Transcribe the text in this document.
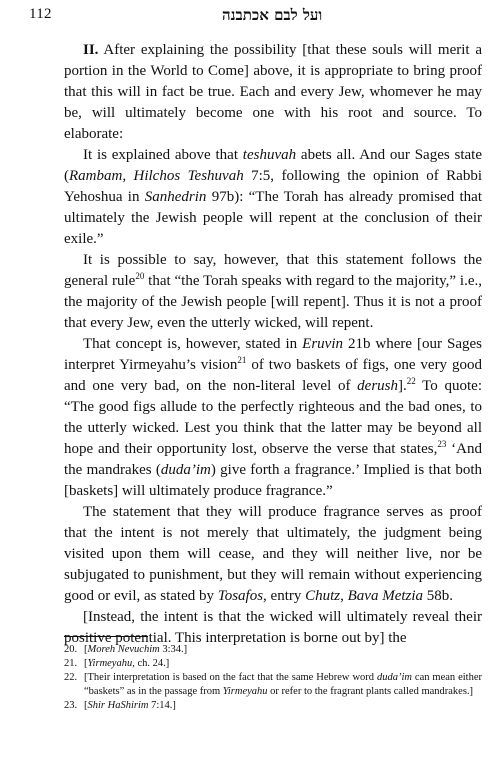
112	ועל לבם אכתבנה

II. After explaining the possibility [that these souls will merit a portion in the World to Come] above, it is appropriate to bring proof that this will in fact be true. Each and every Jew, whomever he may be, will ultimately become one with his root and source. To elaborate:

It is explained above that teshuvah abets all. And our Sages state (Rambam, Hilchos Teshuvah 7:5, following the opinion of Rabbi Yehoshua in Sanhedrin 97b): “The Torah has already promised that ultimately the Jewish people will repent at the conclusion of their exile.”

It is possible to say, however, that this statement follows the general rule$^{20}$ that “the Torah speaks with regard to the majority,” i.e., the majority of the Jewish people [will repent]. Thus it is not a proof that every Jew, even the utterly wicked, will repent.

That concept is, however, stated in Eruvin 21b where [our Sages interpret Yirmeyahu’s vision$^{21}$ of two baskets of figs, one very good and one very bad, on the non-literal level of derush].$^{22}$ To quote: “The good figs allude to the perfectly righteous and the bad ones, to the utterly wicked. Lest you think that the latter may be beyond all hope and their opportunity lost, observe the verse that states,$^{23}$ ‘And the mandrakes (duda’im) give forth a fragrance.’ Implied is that both [baskets] will ultimately produce fragrance.”

The statement that they will produce fragrance serves as proof that the intent is not merely that ultimately, the judgment being visited upon them will cease, and they will neither live, nor be subjugated to punishment, but they will remain without experiencing good or evil, as stated by Tosafos, entry Chutz, Bava Metzia 58b.

[Instead, the intent is that the wicked will ultimately reveal their positive potential. This interpretation is borne out by] the

20. [Moreh Nevuchim 3:34.]
21. [Yirmeyahu, ch. 24.]
22. [Their interpretation is based on the fact that the same Hebrew word duda’im can mean either “baskets” as in the passage from Yirmeyahu or refer to the fragrant plants called mandrakes.]
23. [Shir HaShirim 7:14.]
